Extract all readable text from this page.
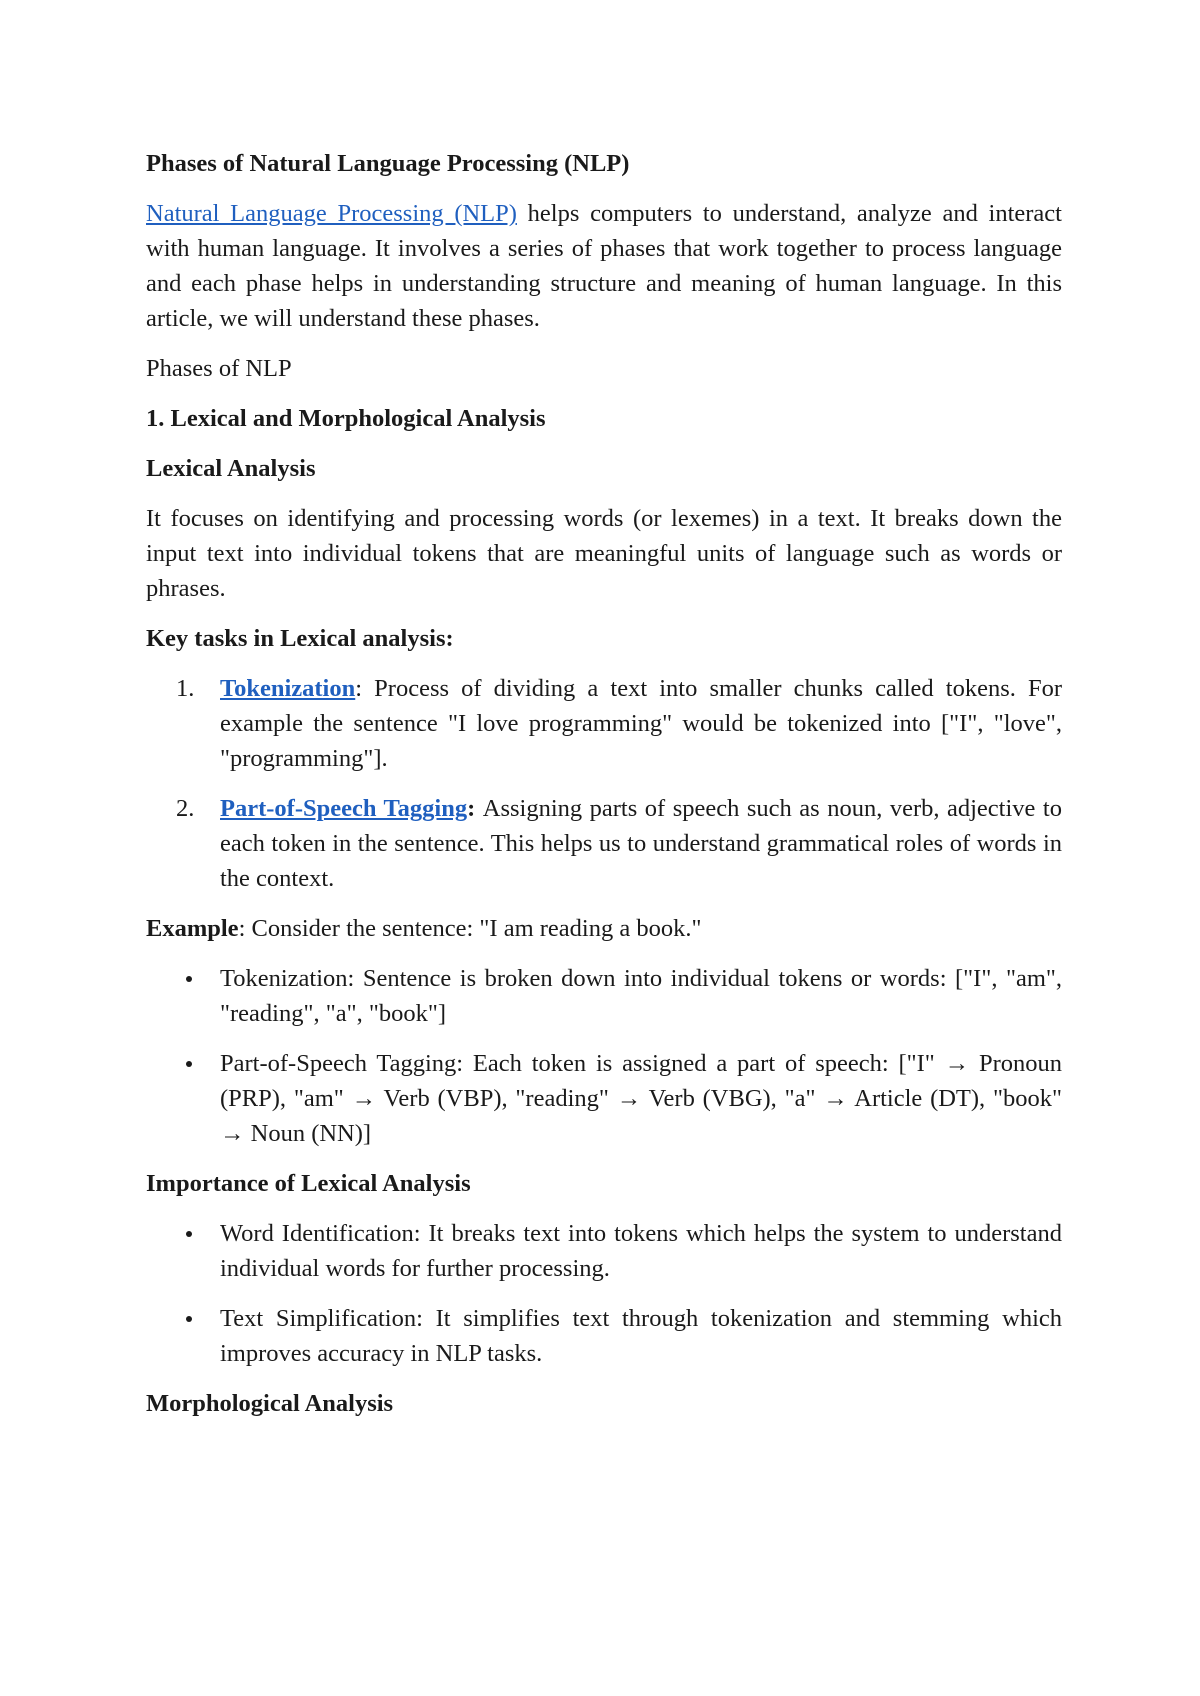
Phases of Natural Language Processing (NLP)

Natural Language Processing (NLP) helps computers to understand, analyze and interact with human language. It involves a series of phases that work together to process language and each phase helps in understanding structure and meaning of human language. In this article, we will understand these phases.

Phases of NLP

1. Lexical and Morphological Analysis

Lexical Analysis

It focuses on identifying and processing words (or lexemes) in a text. It breaks down the input text into individual tokens that are meaningful units of language such as words or phrases.

Key tasks in Lexical analysis:

1. Tokenization: Process of dividing a text into smaller chunks called tokens. For example the sentence "I love programming" would be tokenized into ["I", "love", "programming"].
2. Part-of-Speech Tagging: Assigning parts of speech such as noun, verb, adjective to each token in the sentence. This helps us to understand grammatical roles of words in the context.

Example: Consider the sentence: "I am reading a book."

Tokenization: Sentence is broken down into individual tokens or words: ["I", "am", "reading", "a", "book"]
Part-of-Speech Tagging: Each token is assigned a part of speech: ["I" → Pronoun (PRP), "am" → Verb (VBP), "reading" → Verb (VBG), "a" → Article (DT), "book" → Noun (NN)]

Importance of Lexical Analysis

Word Identification: It breaks text into tokens which helps the system to understand individual words for further processing.
Text Simplification: It simplifies text through tokenization and stemming which improves accuracy in NLP tasks.

Morphological Analysis
